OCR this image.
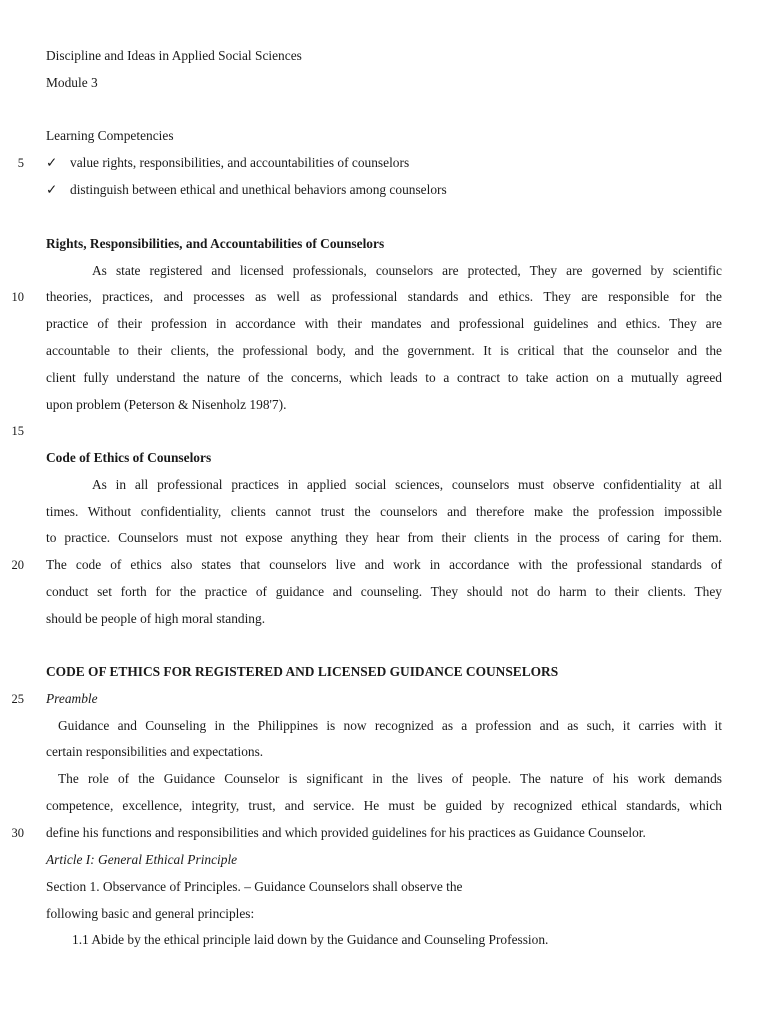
5
10
15
20
25
30
Discipline and Ideas in Applied Social Sciences
Module 3
Learning Competencies
✓ value rights, responsibilities, and accountabilities of counselors
✓ distinguish between ethical and unethical behaviors among counselors
Rights, Responsibilities, and Accountabilities of Counselors
As state registered and licensed professionals, counselors are protected, They are governed by scientific
theories, practices, and processes as well as professional standards and ethics. They are responsible for the
practice of their profession in accordance with their mandates and professional guidelines and ethics. They are
accountable to their clients, the professional body, and the government. It is critical that the counselor and the
client fully understand the nature of the concerns, which leads to a contract to take action on a mutually agreed
upon problem (Peterson & Nisenholz 198'7).
Code of Ethics of Counselors
As in all professional practices in applied social sciences, counselors must observe confidentiality at all
times. Without confidentiality, clients cannot trust the counselors and therefore make the profession impossible
to practice. Counselors must not expose anything they hear from their clients in the process of caring for them.
The code of ethics also states that counselors live and work in accordance with the professional standards of
conduct set forth for the practice of guidance and counseling. They should not do harm to their clients. They
should be people of high moral standing.
CODE OF ETHICS FOR REGISTERED AND LICENSED GUIDANCE COUNSELORS
Preamble
Guidance and Counseling in the Philippines is now recognized as a profession and as such, it carries with it
certain responsibilities and expectations.
The role of the Guidance Counselor is significant in the lives of people. The nature of his work demands
competence, excellence, integrity, trust, and service. He must be guided by recognized ethical standards, which
define his functions and responsibilities and which provided guidelines for his practices as Guidance Counselor.
Article I: General Ethical Principle
Section 1. Observance of Principles. – Guidance Counselors shall observe the
following basic and general principles:
1.1 Abide by the ethical principle laid down by the Guidance and Counseling Profession.
